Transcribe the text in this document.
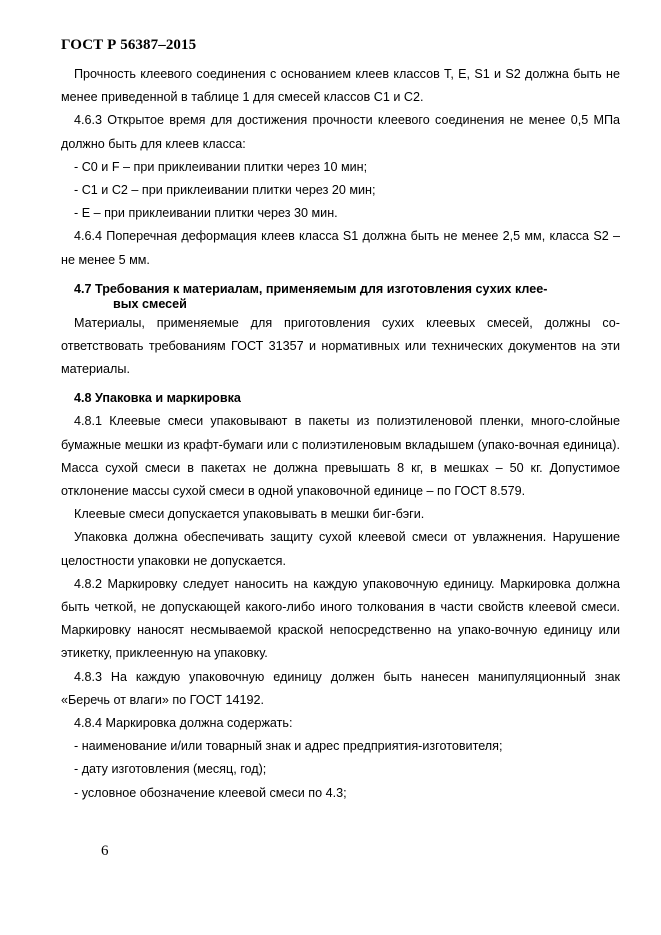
ГОСТ Р 56387–2015

Прочность клеевого соединения с основанием клеев классов Т, Е, S1 и S2 должна быть не менее приведенной в таблице 1 для смесей классов С1 и С2.

4.6.3 Открытое время для достижения прочности клеевого соединения не менее 0,5 МПа должно быть для клеев класса:

- С0 и F – при приклеивании плитки через 10 мин;

- С1 и С2 – при приклеивании плитки через 20 мин;

- Е – при приклеивании плитки через 30 мин.

4.6.4 Поперечная деформация клеев класса S1 должна быть не менее 2,5 мм, класса S2 – не менее 5 мм.

4.7 Требования к материалам, применяемым для изготовления сухих клее-
вых смесей

Материалы, применяемые для приготовления сухих клеевых смесей, должны со-ответствовать требованиям ГОСТ 31357 и нормативных или технических документов на эти материалы.

4.8 Упаковка и маркировка

4.8.1 Клеевые смеси упаковывают в пакеты из полиэтиленовой пленки, много-слойные бумажные мешки из крафт-бумаги или с полиэтиленовым вкладышем (упако-вочная единица). Масса сухой смеси в пакетах не должна превышать 8 кг, в мешках – 50 кг. Допустимое отклонение массы сухой смеси в одной упаковочной единице – по ГОСТ 8.579.

Клеевые смеси допускается упаковывать в мешки биг-бэги.

Упаковка должна обеспечивать защиту сухой клеевой смеси от увлажнения. Нарушение целостности упаковки не допускается.

4.8.2 Маркировку следует наносить на каждую упаковочную единицу. Маркировка должна быть четкой, не допускающей какого-либо иного толкования в части свойств клеевой смеси. Маркировку наносят несмываемой краской непосредственно на упако-вочную единицу или этикетку, приклеенную на упаковку.

4.8.3 На каждую упаковочную единицу должен быть нанесен манипуляционный знак «Беречь от влаги» по ГОСТ 14192.

4.8.4 Маркировка должна содержать:

- наименование и/или товарный знак и адрес предприятия-изготовителя;

- дату изготовления (месяц, год);

- условное обозначение клеевой смеси по 4.3;

6
